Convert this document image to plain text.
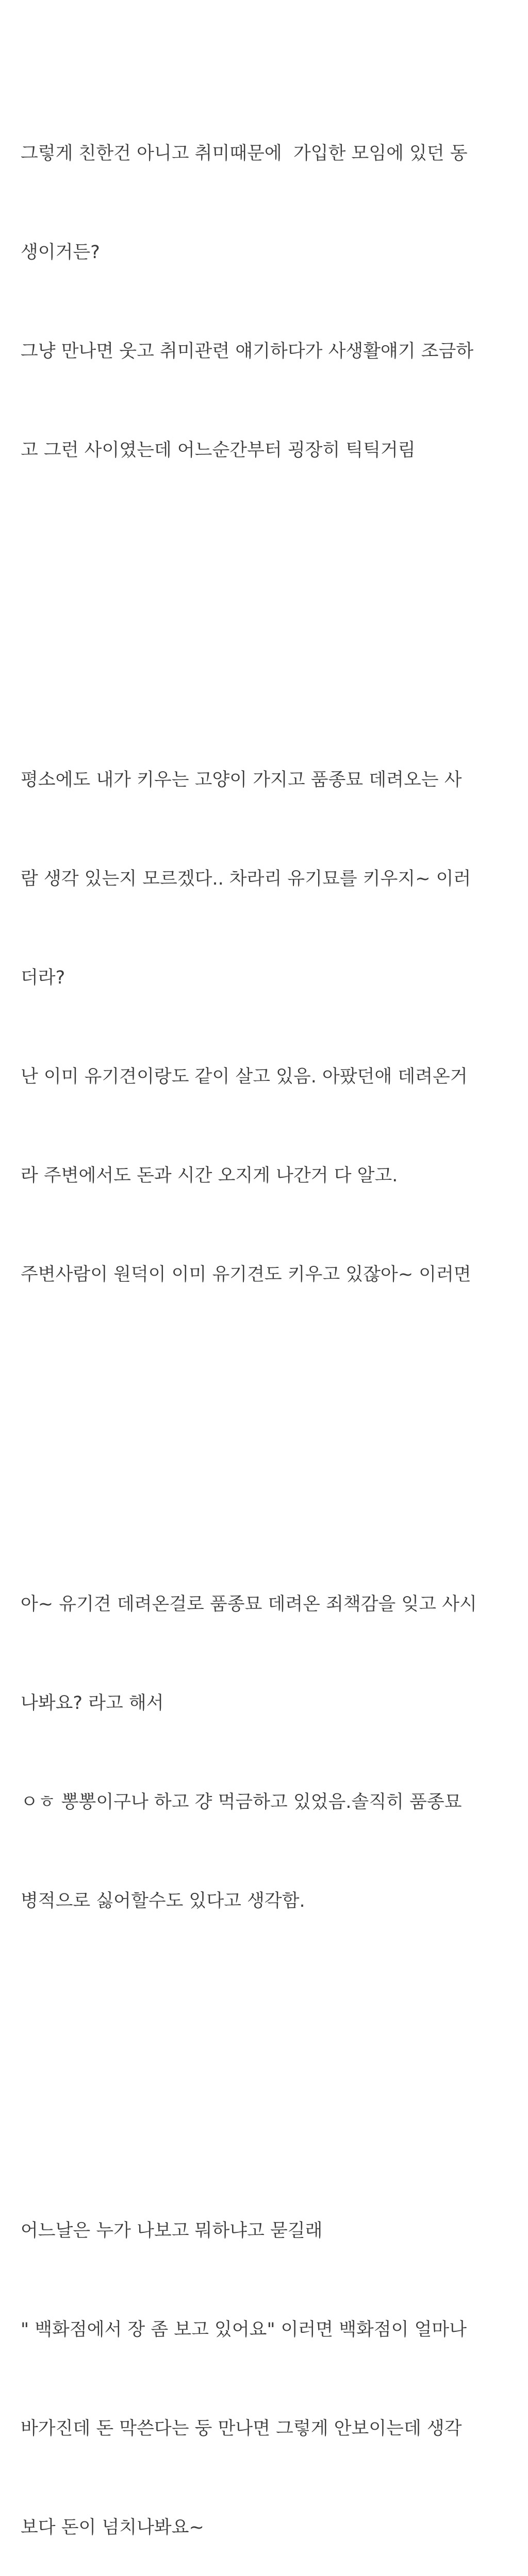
그렇게 친한건 아니고 취미때문에  가입한 모임에 있던 동

생이거든?

그냥 만나면 웃고 취미관련 얘기하다가 사생활얘기 조금하

고 그런 사이였는데 어느순간부터 굉장히 틱틱거림

평소에도 내가 키우는 고양이 가지고 품종묘 데려오는 사

람 생각 있는지 모르겠다.. 차라리 유기묘를 키우지~ 이러

더라?

난 이미 유기견이랑도 같이 살고 있음. 아팠던애 데려온거

라 주변에서도 돈과 시간 오지게 나간거 다 알고.

주변사람이 원덕이 이미 유기견도 키우고 있잖아~ 이러면

아~ 유기견 데려온걸로 품종묘 데려온 죄책감을 잊고 사시

나봐요? 라고 해서

ㅇㅎ 뽕뽕이구나 하고 걍 먹금하고 있었음.솔직히 품종묘

병적으로 싫어할수도 있다고 생각함.

어느날은 누가 나보고 뭐하냐고 묻길래

" 백화점에서 장 좀 보고 있어요" 이러면 백화점이 얼마나

바가진데 돈 막쓴다는 둥 만나면 그렇게 안보이는데 생각

보다 돈이 넘치나봐요~
